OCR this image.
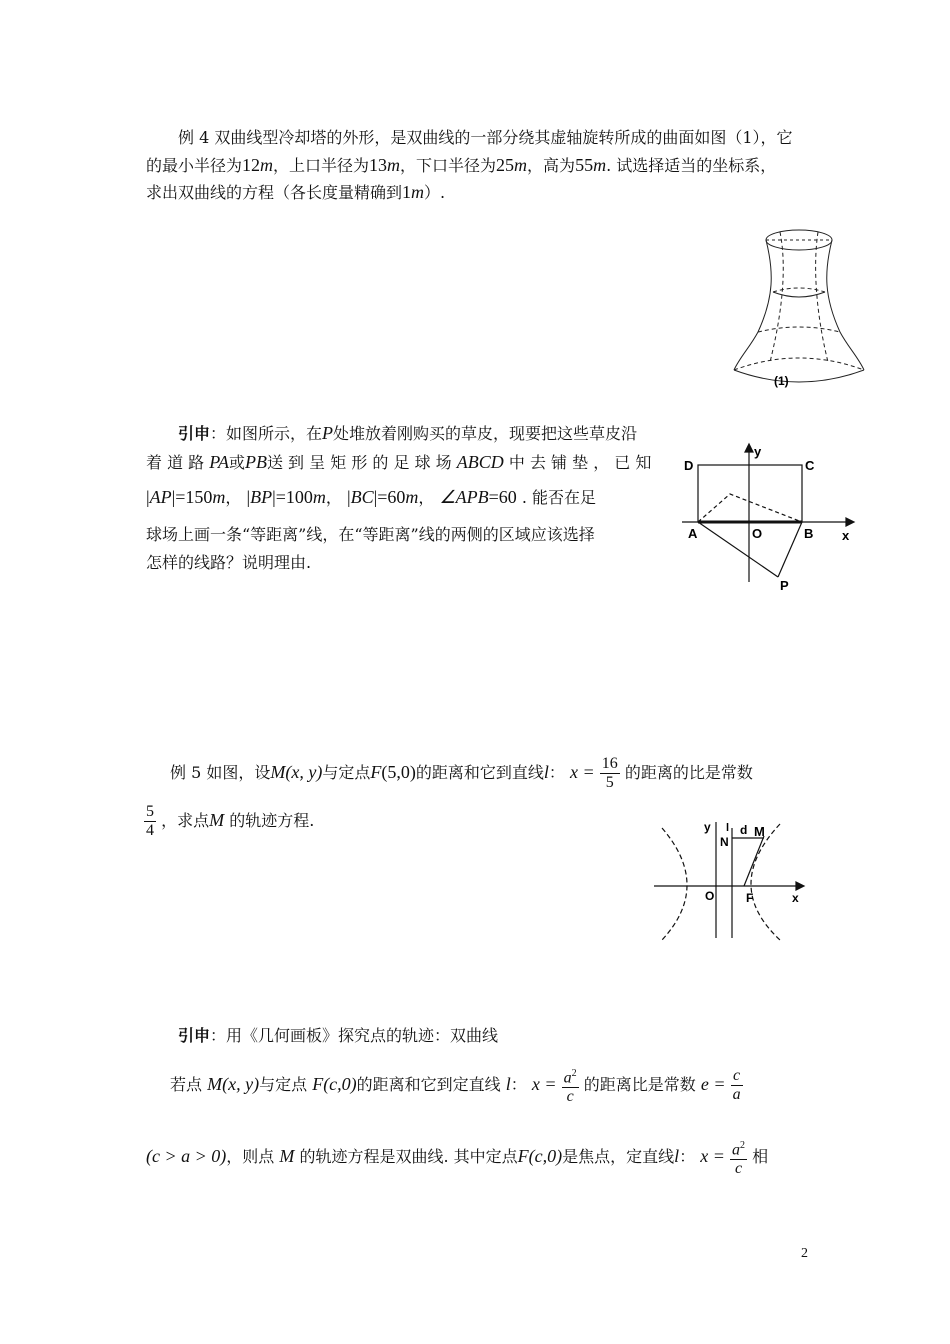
例 4 双曲线型冷却塔的外形，是双曲线的一部分绕其虚轴旋转所成的曲面如图（1），它
的最小半径为12m，上口半径为13m，下口半径为25m，高为55m. 试选择适当的坐标系，
求出双曲线的方程（各长度量精确到1m）.
(1)
引申：如图所示，在P处堆放着刚购买的草皮，现要把这些草皮沿
着 道 路 PA或PB送 到 呈 矩 形 的 足 球 场 ABCD 中 去 铺 垫 ， 已 知
|AP|=150m， |BP|=100m， |BC|=60m， ∠APB=60 . 能否在足
球场上画一条“等距离”线，在“等距离”线的两侧的区域应该选择
怎样的线路？说明理由.
y
D	C
A	O	B x
P
例 5 如图，设M(x, y)与定点F(5,0)的距离和它到直线l： $x = \frac{16}{5}$ 的距离的比是常数
$\frac{5}{4}$ ，求点M 的轨迹方程.	y l d M
N
O	F	x
引申：用《几何画板》探究点的轨迹：双曲线
若点 M(x, y)与定点 F(c,0)的距离和它到定直线 l： $x = \frac{a^2}{c}$ 的距离比是常数 $e = \frac{c}{a}$
(c > a > 0)，则点 M 的轨迹方程是双曲线. 其中定点F(c,0)是焦点，定直线l： $x = \frac{a^2}{c}$ 相
2
